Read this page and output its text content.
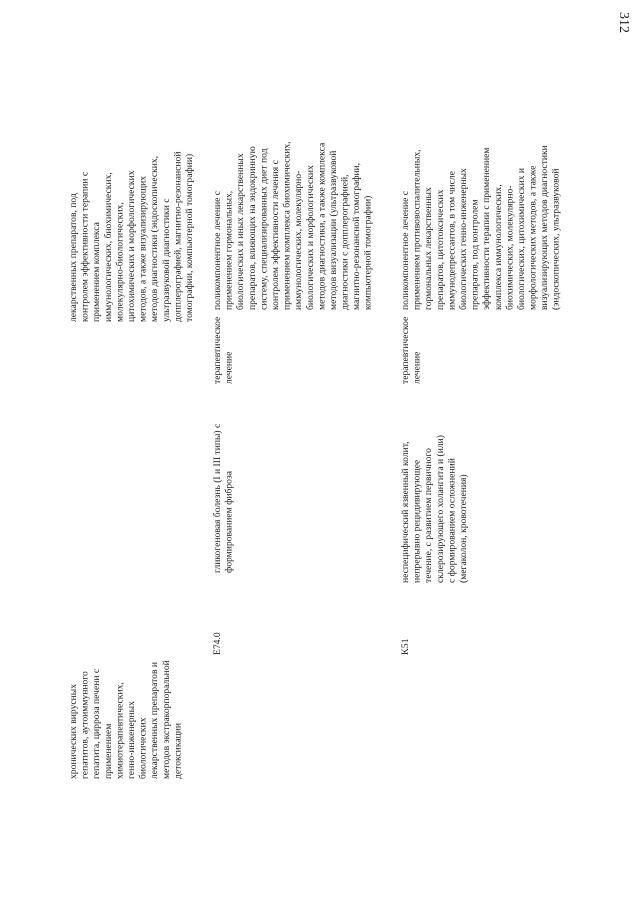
312
хронических вирусных гепатитов, аутоиммунного гепатита, цирроза печени с применением химиотерапевтических, генно-инженерных биологических лекарственных препаратов и методов экстракорпоральной детоксикации
лекарственных препаратов, под контролем эффективности терапии с применением комплекса иммунологических, биохимических, молекулярно-биологических, цитохимических и морфологических методов, а также визуализирующих методов диагностики (эндоскопических, ультразвуковой диагностики с допплерографией, магнитно-резонансной томографии, компьютерной томографии)
E74.0
гликогеновая болезнь (I и III типы) с формированием фиброза
терапевтическое лечение
поликомпонентное лечение с применением гормональных, биологических и иных лекарственных препаратов, влияющих на эндокринную систему, специализированных диет под контролем эффективности лечения с применением комплекса биохимических, иммунологических, молекулярно- биологических и морфологических методов диагностики, а также комплекса методов визуализации (ультразвуковой диагностики с допплерографией, магнитно-резонансной томографии, компьютерной томографии)
K51
неспецифический язвенный колит, непрерывно рецидивирующее течение, с развитием первичного склерозирующего холангита и (или) с формированием осложнений (мегаколон, кровотечения)
терапевтическое лечение
поликомпонентное лечение с применением противовоспалительных, гормональных лекарственных препаратов, цитотоксических иммунодепрессантов, в том числе биологических генно-инженерных препаратов, под контролем эффективности терапии с применением комплекса иммунологических, биохимических, молекулярно- биологических, цитохимических и морфологических методов, а также визуализирующих методов диагностики (эндоскопических, ультразвуковой
